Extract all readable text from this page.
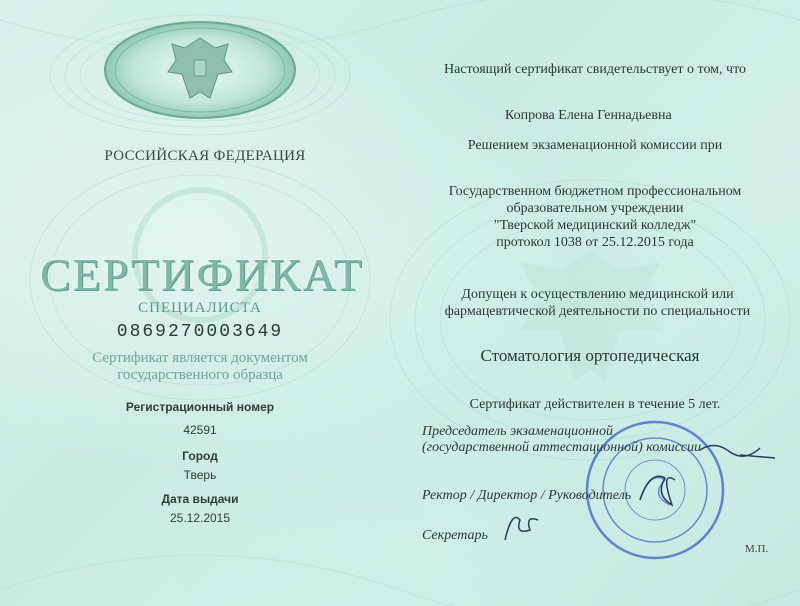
РОССИЙСКАЯ ФЕДЕРАЦИЯ
СЕРТИФИКАТ
СПЕЦИАЛИСТА
0869270003649
Сертификат является документом
государственного образца
Регистрационный номер
42591
Город
Тверь
Дата выдачи
25.12.2015
Настоящий сертификат свидетельствует о том, что
Копрова Елена Геннадьевна
Решением экзаменационной комиссии при
Государственном бюджетном профессиональном
образовательном учреждении
"Тверской медицинский колледж"
протокол 1038 от 25.12.2015 года
Допущен к осуществлению медицинской или
фармацевтической деятельности по специальности
Стоматология ортопедическая
Сертификат действителен в течение 5 лет.
Председатель экзаменационной
(государственной аттестационной) комиссии
Ректор / Директор / Руководитель
Секретарь
М.П.
